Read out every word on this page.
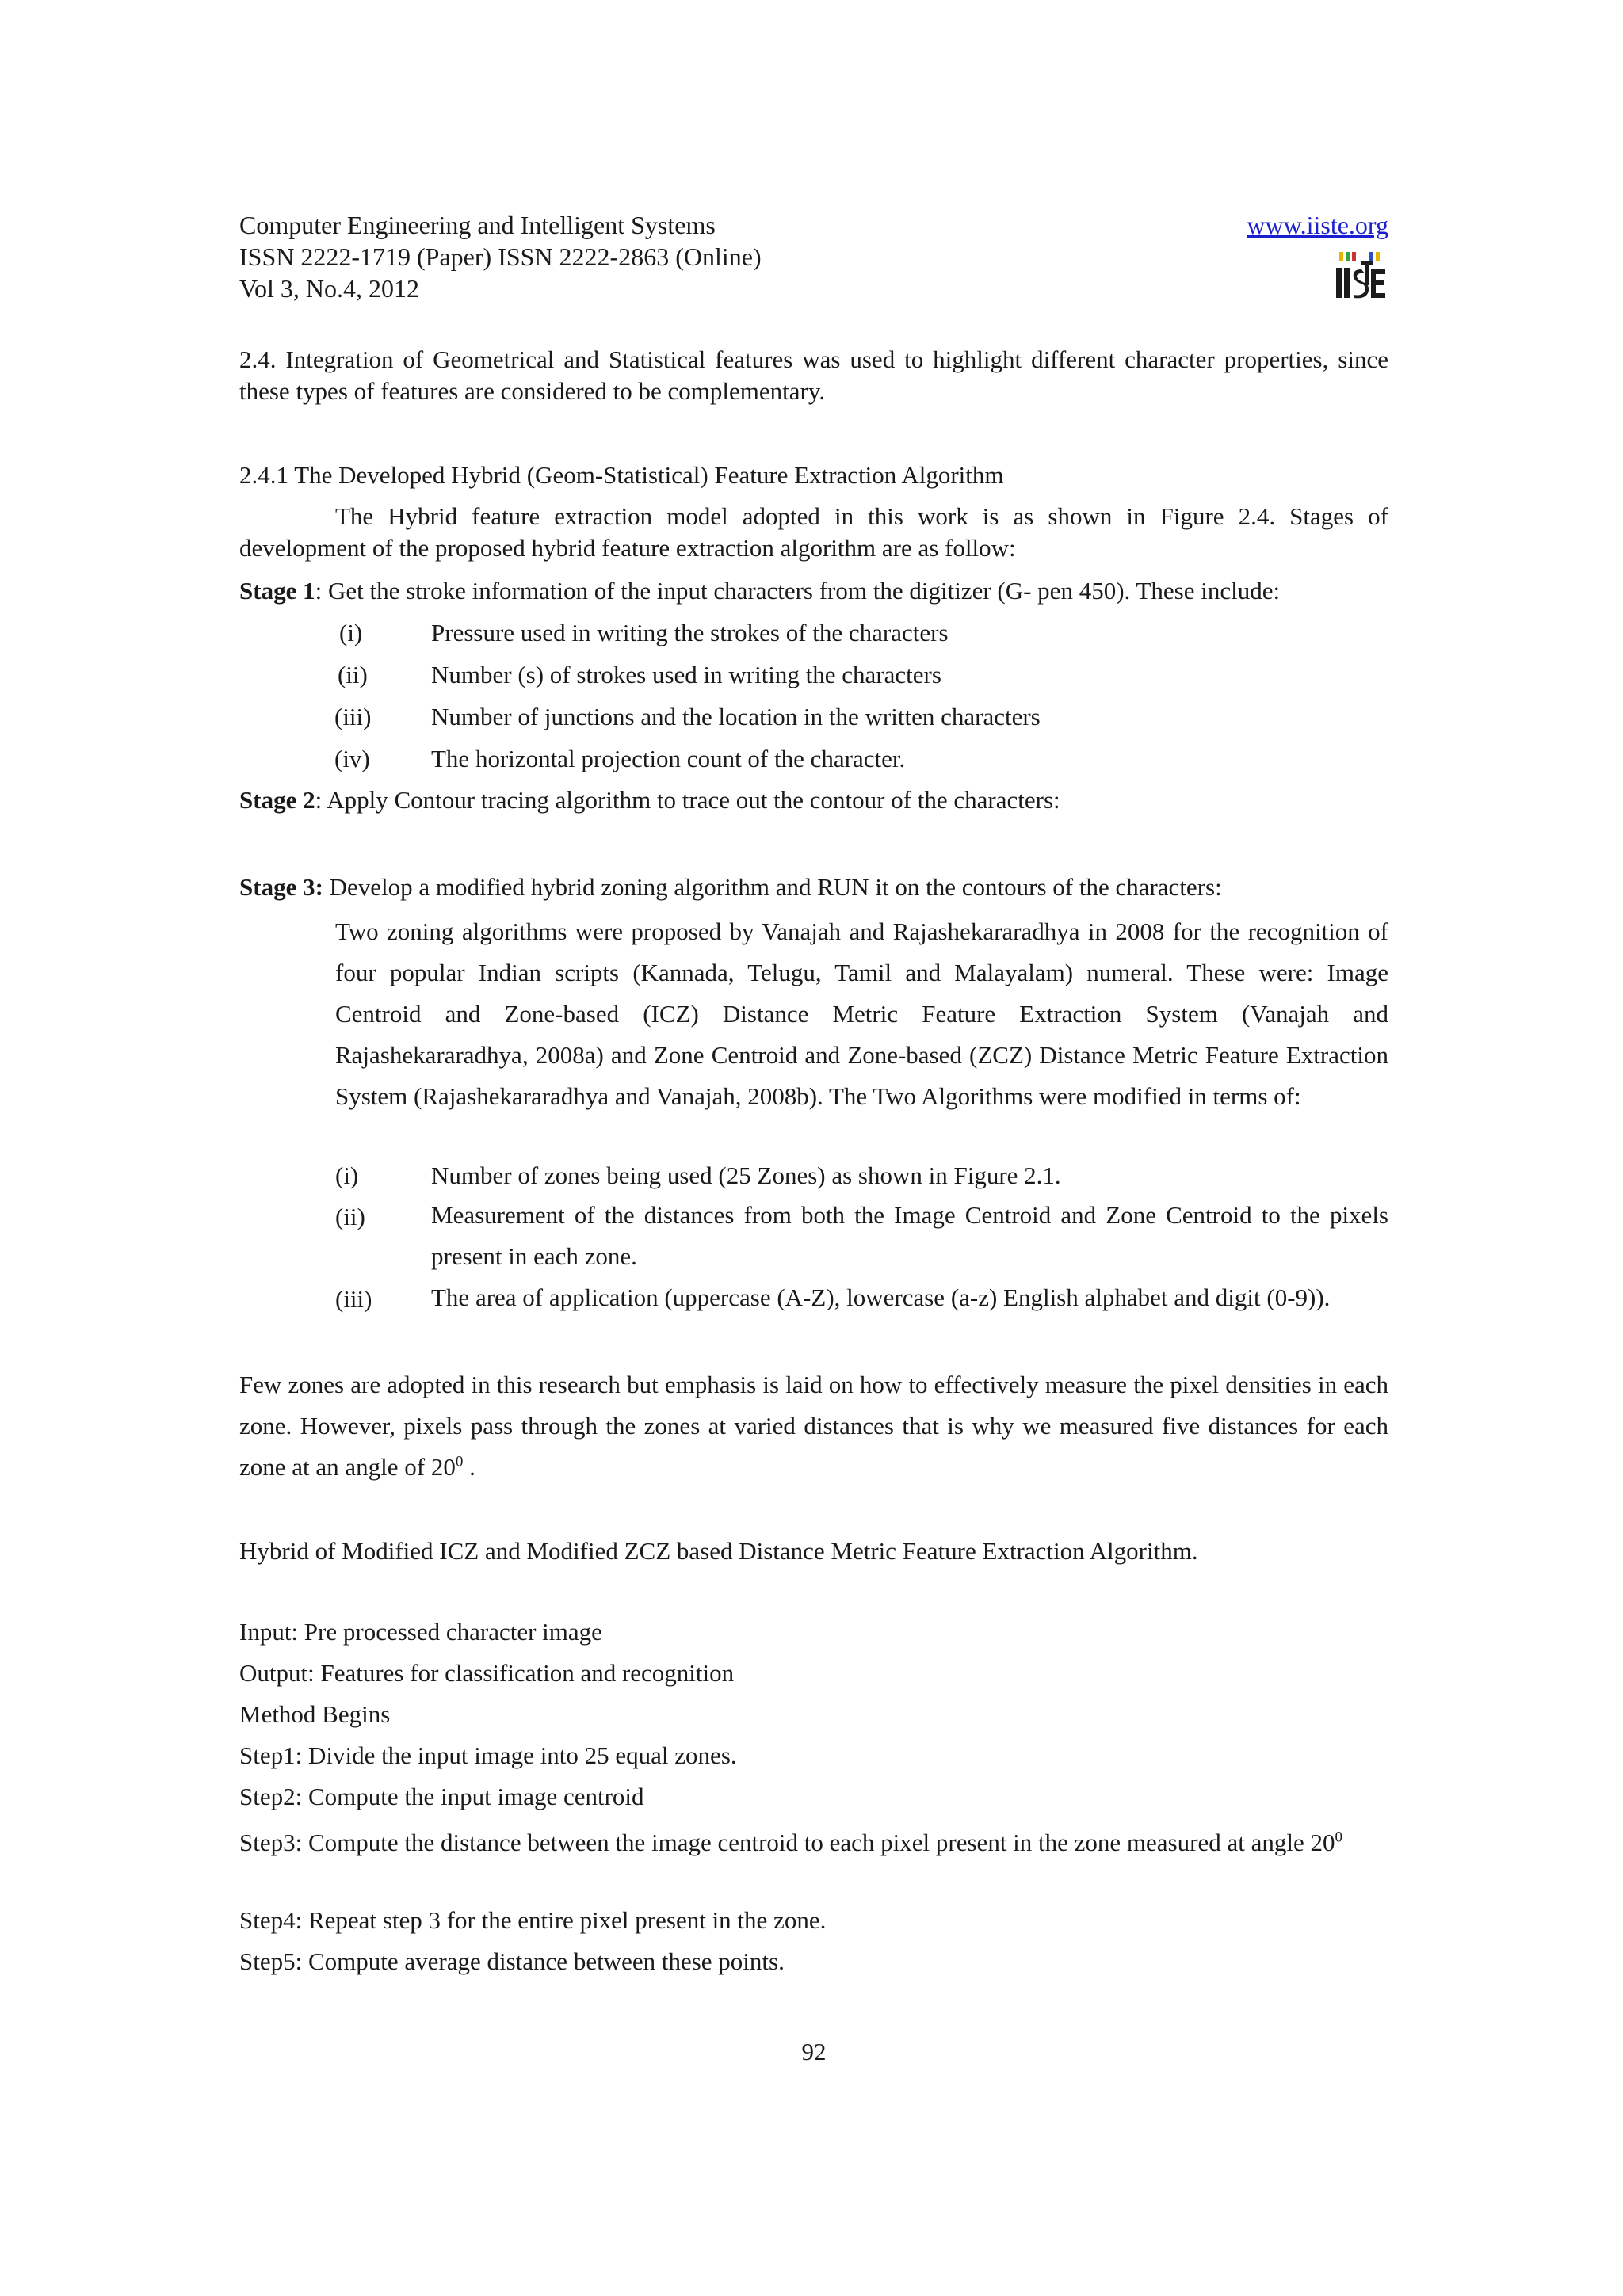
Computer Engineering and Intelligent Systems
ISSN 2222-1719 (Paper) ISSN 2222-2863 (Online)
Vol 3, No.4, 2012
www.iiste.org
2.4. Integration of Geometrical and Statistical features was used to highlight different character properties, since these types of features are considered to be complementary.
2.4.1 The Developed Hybrid (Geom-Statistical) Feature Extraction Algorithm
The Hybrid feature extraction model adopted in this work is as shown in Figure 2.4. Stages of development of the proposed hybrid feature extraction algorithm are as follow:
Stage 1: Get the stroke information of the input characters from the digitizer (G- pen 450). These include:
(i)	Pressure used in writing the strokes of the characters
(ii)	Number (s) of strokes used in writing the characters
(iii) Number of junctions and the location in the written characters
(iv) The horizontal projection count of the character.
Stage 2: Apply Contour tracing algorithm to trace out the contour of the characters:
Stage 3: Develop a modified hybrid zoning algorithm and RUN it on the contours of the characters:
Two zoning algorithms were proposed by Vanajah and Rajashekararadhya in 2008 for the recognition of four popular Indian scripts (Kannada, Telugu, Tamil and Malayalam) numeral. These were: Image Centroid and Zone-based (ICZ) Distance Metric Feature Extraction System (Vanajah and Rajashekararadhya, 2008a) and Zone Centroid and Zone-based (ZCZ) Distance Metric Feature Extraction System (Rajashekararadhya and Vanajah, 2008b). The Two Algorithms were modified in terms of:
(i)	Number of zones being used (25 Zones) as shown in Figure 2.1.
(ii)	Measurement of the distances from both the Image Centroid and Zone Centroid to the pixels present in each zone.
(iii) The area of application (uppercase (A-Z), lowercase (a-z) English alphabet and digit (0-9)).
Few zones are adopted in this research but emphasis is laid on how to effectively measure the pixel densities in each zone. However, pixels pass through the zones at varied distances that is why we measured five distances for each zone at an angle of $20^0$ .
Hybrid of Modified ICZ and Modified ZCZ based Distance Metric Feature Extraction Algorithm.
Input: Pre processed character image
Output: Features for classification and recognition
Method Begins
Step1: Divide the input image into 25 equal zones.
Step2: Compute the input image centroid
Step3: Compute the distance between the image centroid to each pixel present in the zone measured at angle $20^0$
Step4: Repeat step 3 for the entire pixel present in the zone.
Step5: Compute average distance between these points.
92
